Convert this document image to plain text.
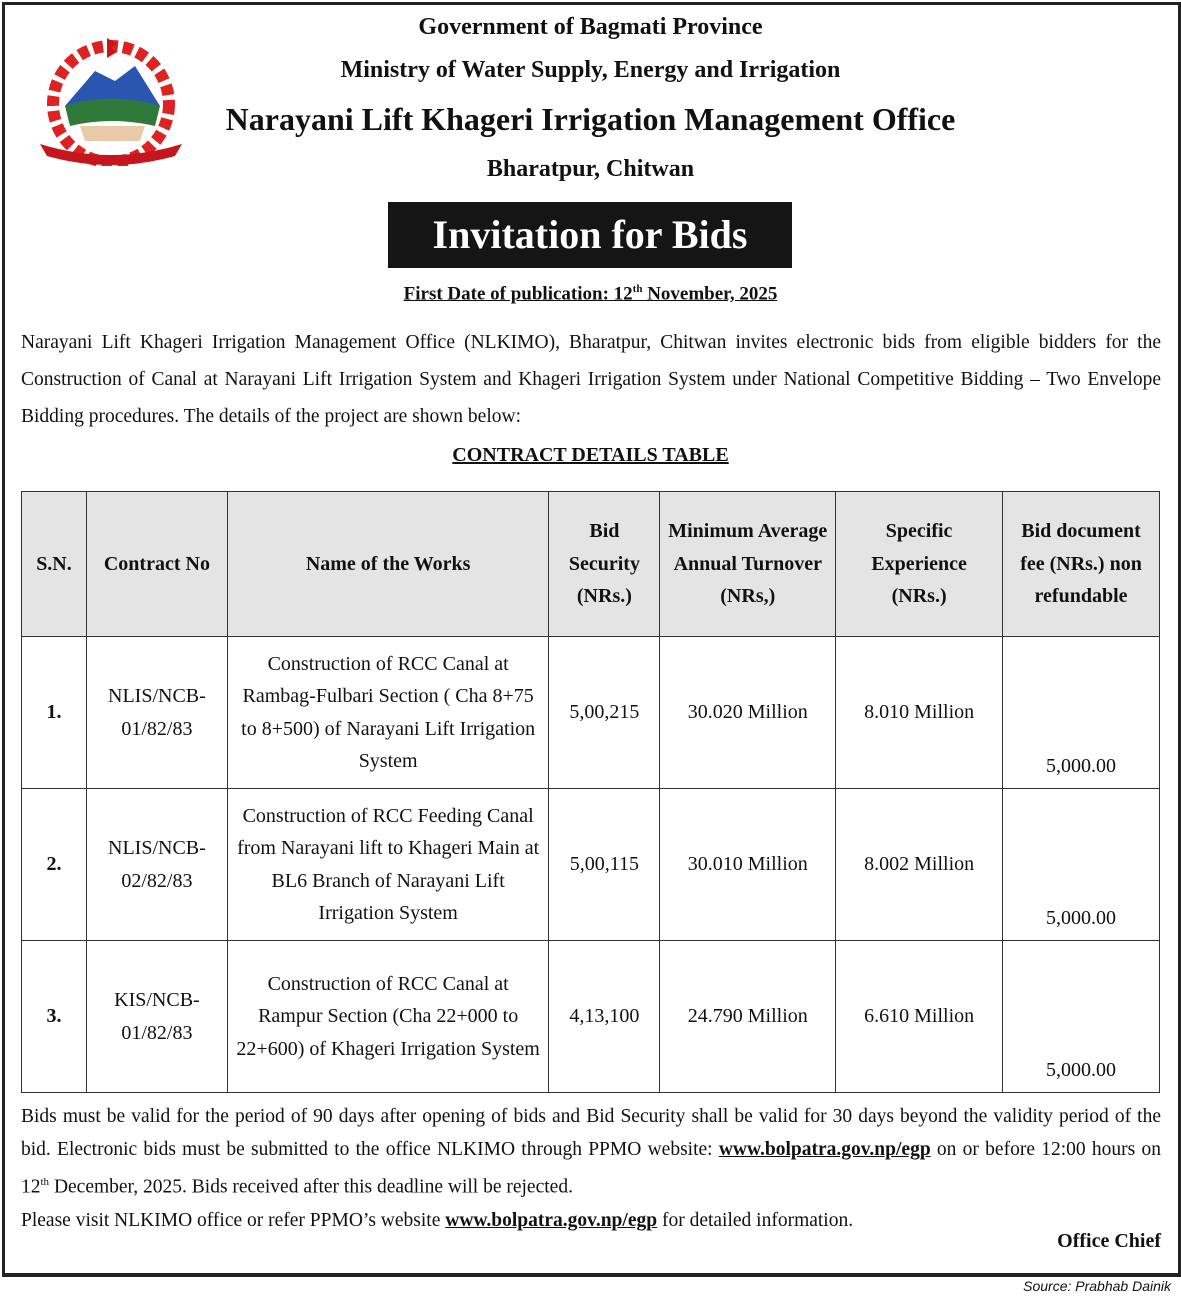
Government of Bagmati Province
Ministry of Water Supply, Energy and Irrigation
Narayani Lift Khageri Irrigation Management Office
Bharatpur, Chitwan
Invitation for Bids
First Date of publication: 12th November, 2025
Narayani Lift Khageri Irrigation Management Office (NLKIMO), Bharatpur, Chitwan invites electronic bids from eligible bidders for the Construction of Canal at Narayani Lift Irrigation System and Khageri Irrigation System under National Competitive Bidding – Two Envelope Bidding procedures. The details of the project are shown below:
CONTRACT DETAILS TABLE
S.N.	Contract No	Name of the Works	Bid Security (NRs.)	Minimum Average Annual Turnover (NRs,)	Specific Experience (NRs.)	Bid document fee (NRs.) non refundable
1.	NLIS/NCB-01/82/83	Construction of RCC Canal at Rambag-Fulbari Section ( Cha 8+75 to 8+500) of Narayani Lift Irrigation System	5,00,215	30.020 Million	8.010 Million	5,000.00
2.	NLIS/NCB-02/82/83	Construction of RCC Feeding Canal from Narayani lift to Khageri Main at BL6 Branch of Narayani Lift Irrigation System	5,00,115	30.010 Million	8.002 Million	5,000.00
3.	KIS/NCB-01/82/83	Construction of RCC Canal at Rampur Section (Cha 22+000 to 22+600) of Khageri Irrigation System	4,13,100	24.790 Million	6.610 Million	5,000.00
Bids must be valid for the period of 90 days after opening of bids and Bid Security shall be valid for 30 days beyond the validity period of the bid. Electronic bids must be submitted to the office NLKIMO through PPMO website: www.bolpatra.gov.np/egp on or before 12:00 hours on 12th December, 2025. Bids received after this deadline will be rejected.
Please visit NLKIMO office or refer PPMO’s website www.bolpatra.gov.np/egp for detailed information.
Office Chief
Source: Prabhab Dainik
